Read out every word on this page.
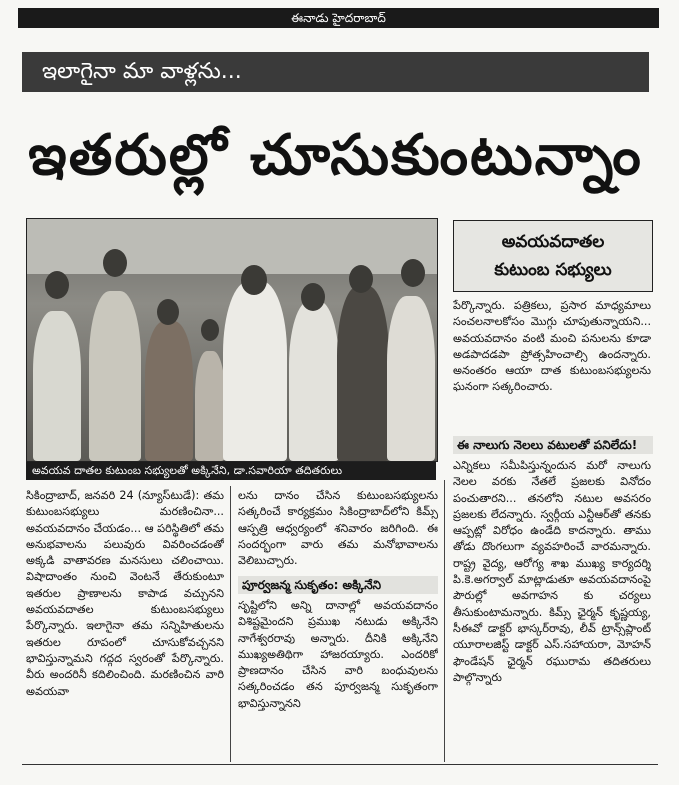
ఈనాడు హైదరాబాద్
ఇలాగైనా మా వాళ్లను...
ఇతరుల్లో చూసుకుంటున్నాం
అవయవ దాతల కుటుంబ సభ్యులతో అక్కినేని, డా.సవారియా తదితరులు
అవయవదాతల
కుటుంబ సభ్యులు

పేర్కొన్నారు. పత్రికలు, ప్రసార మాధ్యమాలు సంచలనాలకోసం మొగ్గు చూపుతున్నాయని... అవయవదానం వంటి మంచి పనులను కూడా అడపాదడపా ప్రోత్సహించాల్సి ఉందన్నారు. అనంతరం ఆయా దాత కుటుంబసభ్యులను ఘనంగా సత్కరించారు.

ఈ నాలుగు నెలలు వటులతో పనిలేదు!

ఎన్నికలు సమీపిస్తున్నందున మరో నాలుగు నెలల వరకు నేతలే ప్రజలకు వినోదం పంచుతారని... తనలోని నటుల అవసరం ప్రజలకు లేదన్నారు. స్వర్గీయ ఎన్టీఆర్‌తో తనకు ఆప్పట్లో విరోధం ఉండేది కాదన్నారు. తాము తోడు దొంగలుగా వ్యవహరించే వారమన్నారు. రాష్ట్ర వైద్య, ఆరోగ్య శాఖ ముఖ్య కార్యదర్శి పి.కె.అగర్వాల్ మాట్లాడుతూ అవయవదానంపై పౌరుల్లో అవగాహన కు చర్యలు తీసుకుంటామన్నారు. కిమ్స్ ఛైర్మన్ కృష్ణయ్య, సీఈవో డాక్టర్ భాస్కర్‌రావు, లీవ్ ట్రాన్స్‌ప్లాంట్ యూరాలజిస్ట్ డాక్టర్ ఎస్.సహాయరా, మోహన్ ఫౌండేషన్ ఛైర్మన్ రఘురామ తదితరులు పాల్గొన్నారు

సికింద్రాబాద్, జనవరి 24 (న్యూస్‌టుడే): తమ కుటుంబసభ్యులు మరణించినా... అవయవదానం చేయడం... ఆ పరిస్థితిలో తమ అనుభవాలను పలువురు వివరించడంతో అక్కడి వాతావరణ మనసులు చలించాయి. విషాదాంతం నుంచి వెంటనే తేరుకుంటూ ఇతరుల ప్రాణాలను కాపాడ వచ్చునని అవయవదాతల కుటుంబసభ్యులు పేర్కొన్నారు. ఇలాగైనా తమ సన్నిహితులను ఇతరుల రూపంలో చూసుకోవచ్చనని భావిస్తున్నామని గద్గద స్వరంతో పేర్కొన్నారు. వీరు అందరినీ కదిలించింది. మరణించిన వారి అవయవా

లను దానం చేసిన కుటుంబసభ్యులను సత్కరించే కార్యక్రమం సికింద్రాబాద్‌లోని కిమ్స్ ఆస్పత్రి ఆధ్వర్యంలో శనివారం జరిగింది. ఈ సందర్భంగా వారు తమ మనోభావాలను వెలిబుచ్చారు.

పూర్వజన్మ సుకృతం: అక్కినేని

సృష్టిలోని అన్ని దానాల్లో అవయవదానం విశిష్టమైందని ప్రముఖ నటుడు అక్కినేని నాగేశ్వరరావు అన్నారు. దీనికి అక్కినేని ముఖ్యఅతిథిగా హాజరయ్యారు. ఎందరికో ప్రాణదానం చేసిన వారి బంధువులను సత్కరించడం తన పూర్వజన్మ సుకృతంగా భావిస్తున్నానని
